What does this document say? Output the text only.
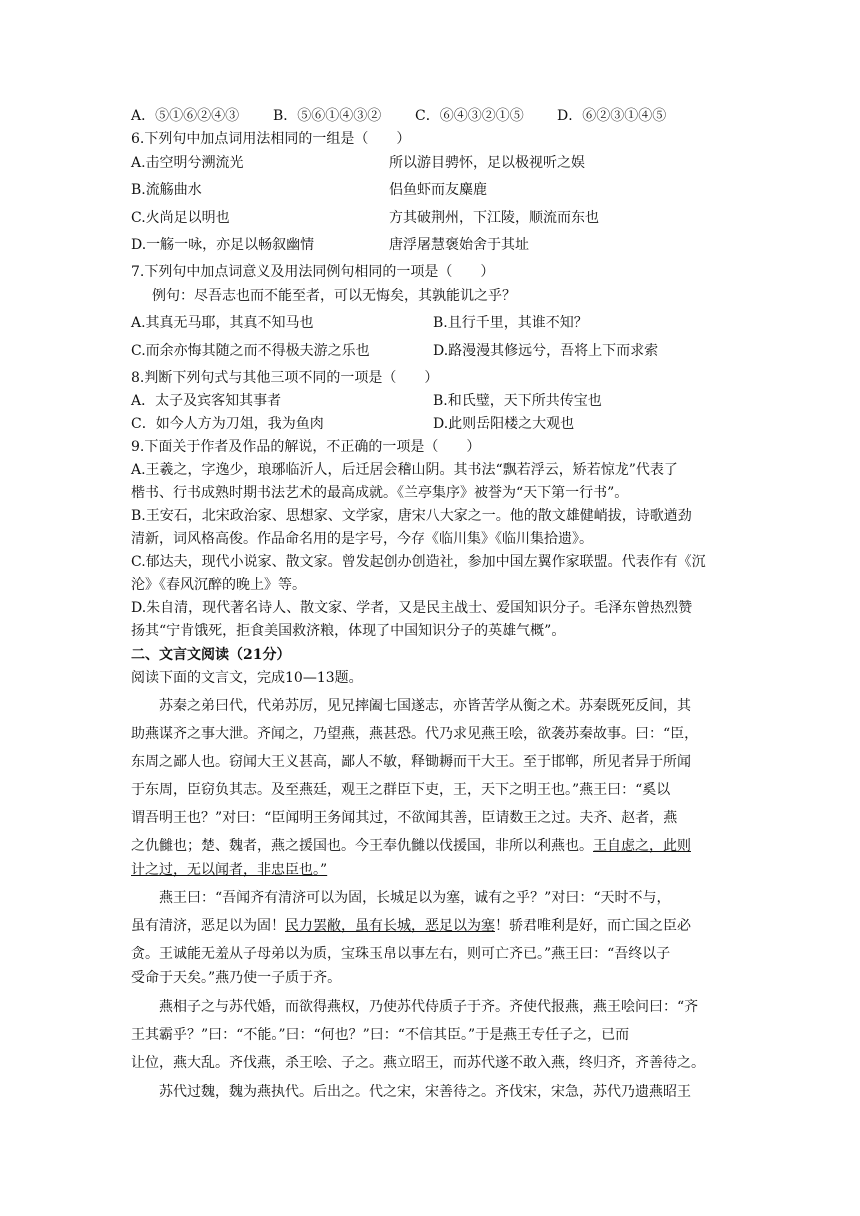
A．⑤①⑥②④③ B．⑤⑥①④③② C．⑥④③②①⑤ D．⑥②③①④⑤
6.下列句中加点词用法相同的一组是（　　）
A.击空明兮溯流光	所以游目骋怀，足以极视听之娱
B.流觞曲水	侣鱼虾而友麋鹿
C.火尚足以明也	方其破荆州，下江陵，顺流而东也
D.一觞一咏，亦足以畅叙幽情	唐浮屠慧褒始舍于其址
7.下列句中加点词意义及用法同例句相同的一项是（　　）
例句：尽吾志也而不能至者，可以无悔矣，其孰能讥之乎？
A.其真无马耶，其真不知马也	B.且行千里，其谁不知？
C.而余亦悔其随之而不得极夫游之乐也	D.路漫漫其修远兮，吾将上下而求索
8.判断下列句式与其他三项不同的一项是（　　）
A．太子及宾客知其事者	B.和氏璧，天下所共传宝也
C．如今人方为刀俎，我为鱼肉	D.此则岳阳楼之大观也
9.下面关于作者及作品的解说，不正确的一项是（　　）
A.王羲之，字逸少，琅琊临沂人，后迁居会稽山阴。其书法“飘若浮云，矫若惊龙”代表了
楷书、行书成熟时期书法艺术的最高成就。《兰亭集序》被誉为“天下第一行书”。
B.王安石，北宋政治家、思想家、文学家，唐宋八大家之一。他的散文雄健峭拔，诗歌遒劲
清新，词风格高俊。作品命名用的是字号，今存《临川集》《临川集拾遗》。
C.郁达夫，现代小说家、散文家。曾发起创办创造社，参加中国左翼作家联盟。代表作有《沉
沦》《春风沉醉的晚上》等。
D.朱自清，现代著名诗人、散文家、学者，又是民主战士、爱国知识分子。毛泽东曾热烈赞
扬其“宁肯饿死，拒食美国救济粮，体现了中国知识分子的英雄气概”。
二、文言文阅读（21分）
阅读下面的文言文，完成10—13题。
苏秦之弟曰代，代弟苏厉，见兄摔阖七国遂志，亦皆苦学从衡之术。苏秦既死反间，其
助燕谋齐之事大泄。齐闻之，乃望燕，燕甚恐。代乃求见燕王哙，欲袭苏秦故事。曰：“臣，
东周之鄙人也。窃闻大王义甚高，鄙人不敏，释锄耨而干大王。至于邯郸，所见者异于所闻
于东周，臣窃负其志。及至燕廷，观王之群臣下吏，王，天下之明王也。”燕王曰：“奚以
谓吾明王也？”对曰：“臣闻明王务闻其过，不欲闻其善，臣请数王之过。夫齐、赵者，燕
之仇雠也；楚、魏者，燕之援国也。今王奉仇雠以伐援国，非所以利燕也。王自虑之，此则
计之过，无以闻者，非忠臣也。”
燕王曰：“吾闻齐有清济可以为固，长城足以为塞，诚有之乎？”对曰：“天时不与，
虽有清济，恶足以为固！民力罢敝，虽有长城，恶足以为塞！骄君唯利是好，而亡国之臣必
贪。王诚能无羞从子母弟以为质，宝珠玉帛以事左右，则可亡齐已。”燕王曰：“吾终以子
受命于天矣。”燕乃使一子质于齐。
燕相子之与苏代婚，而欲得燕权，乃使苏代侍质子于齐。齐使代报燕，燕王哙问曰：“齐
王其霸乎？”曰：“不能。”曰：“何也？”曰：“不信其臣。”于是燕王专任子之，已而
让位，燕大乱。齐伐燕，杀王哙、子之。燕立昭王，而苏代遂不敢入燕，终归齐，齐善待之。
苏代过魏，魏为燕执代。后出之。代之宋，宋善待之。齐伐宋，宋急，苏代乃遗燕昭王
